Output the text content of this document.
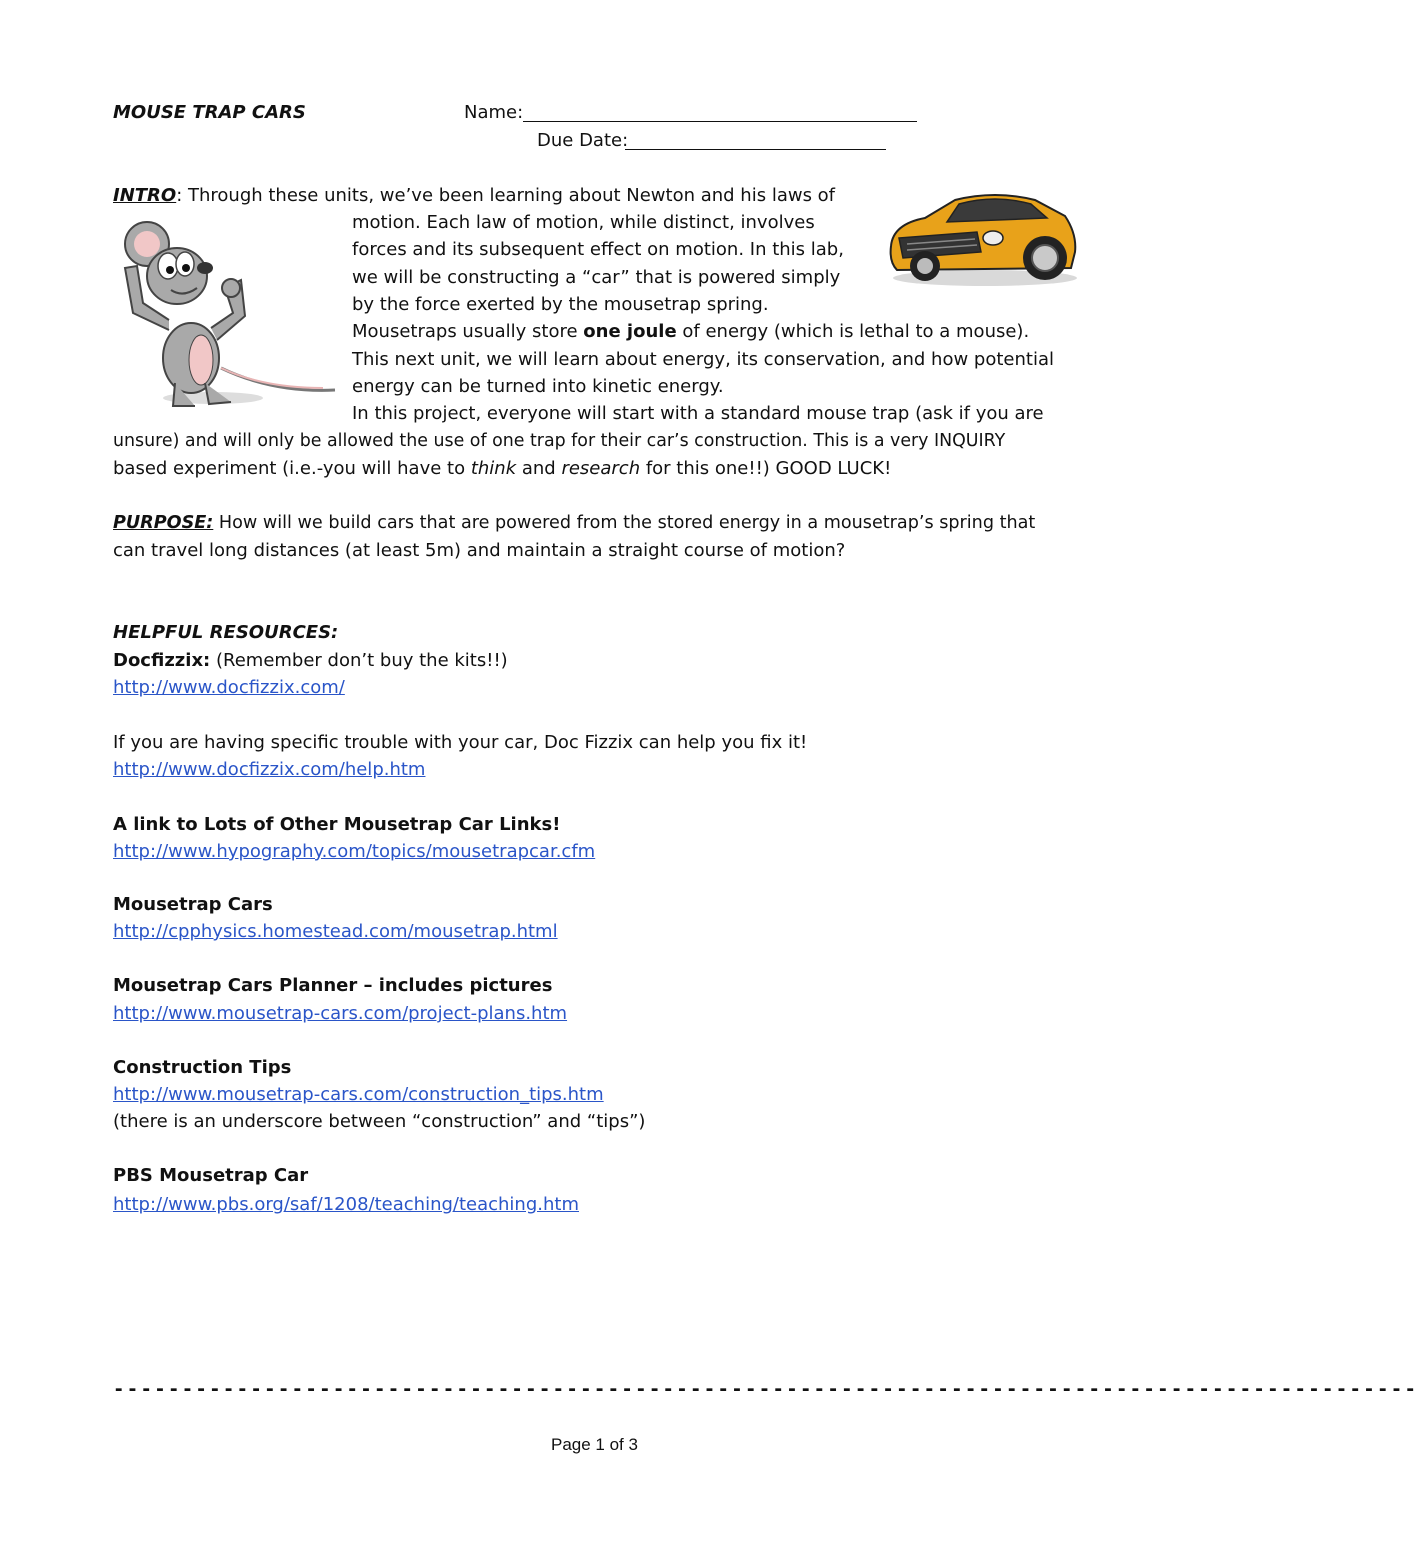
MOUSE TRAP CARS	Name:
Due Date:
INTRO: Through these units, we’ve been learning about Newton and his laws of
motion. Each law of motion, while distinct, involves
forces and its subsequent effect on motion. In this lab,
we will be constructing a “car” that is powered simply
by the force exerted by the mousetrap spring.
Mousetraps usually store one joule of energy (which is lethal to a mouse).
This next unit, we will learn about energy, its conservation, and how potential
energy can be turned into kinetic energy.
In this project, everyone will start with a standard mouse trap (ask if you are
unsure) and will only be allowed the use of one trap for their car’s construction. This is a very INQUIRY
based experiment (i.e.-you will have to think and research for this one!!) GOOD LUCK!
PURPOSE: How will we build cars that are powered from the stored energy in a mousetrap’s spring that
can travel long distances (at least 5m) and maintain a straight course of motion?
HELPFUL RESOURCES:
Docfizzix: (Remember don’t buy the kits!!)
http://www.docfizzix.com/
If you are having specific trouble with your car, Doc Fizzix can help you fix it!
http://www.docfizzix.com/help.htm
A link to Lots of Other Mousetrap Car Links!
http://www.hypography.com/topics/mousetrapcar.cfm
Mousetrap Cars
http://cpphysics.homestead.com/mousetrap.html
Mousetrap Cars Planner – includes pictures
http://www.mousetrap-cars.com/project-plans.htm
Construction Tips
http://www.mousetrap-cars.com/construction_tips.htm
(there is an underscore between “construction” and “tips”)
PBS Mousetrap Car
http://www.pbs.org/saf/1208/teaching/teaching.htm
-----------------------------------------------------------------------------------------------
Page 1 of 3
